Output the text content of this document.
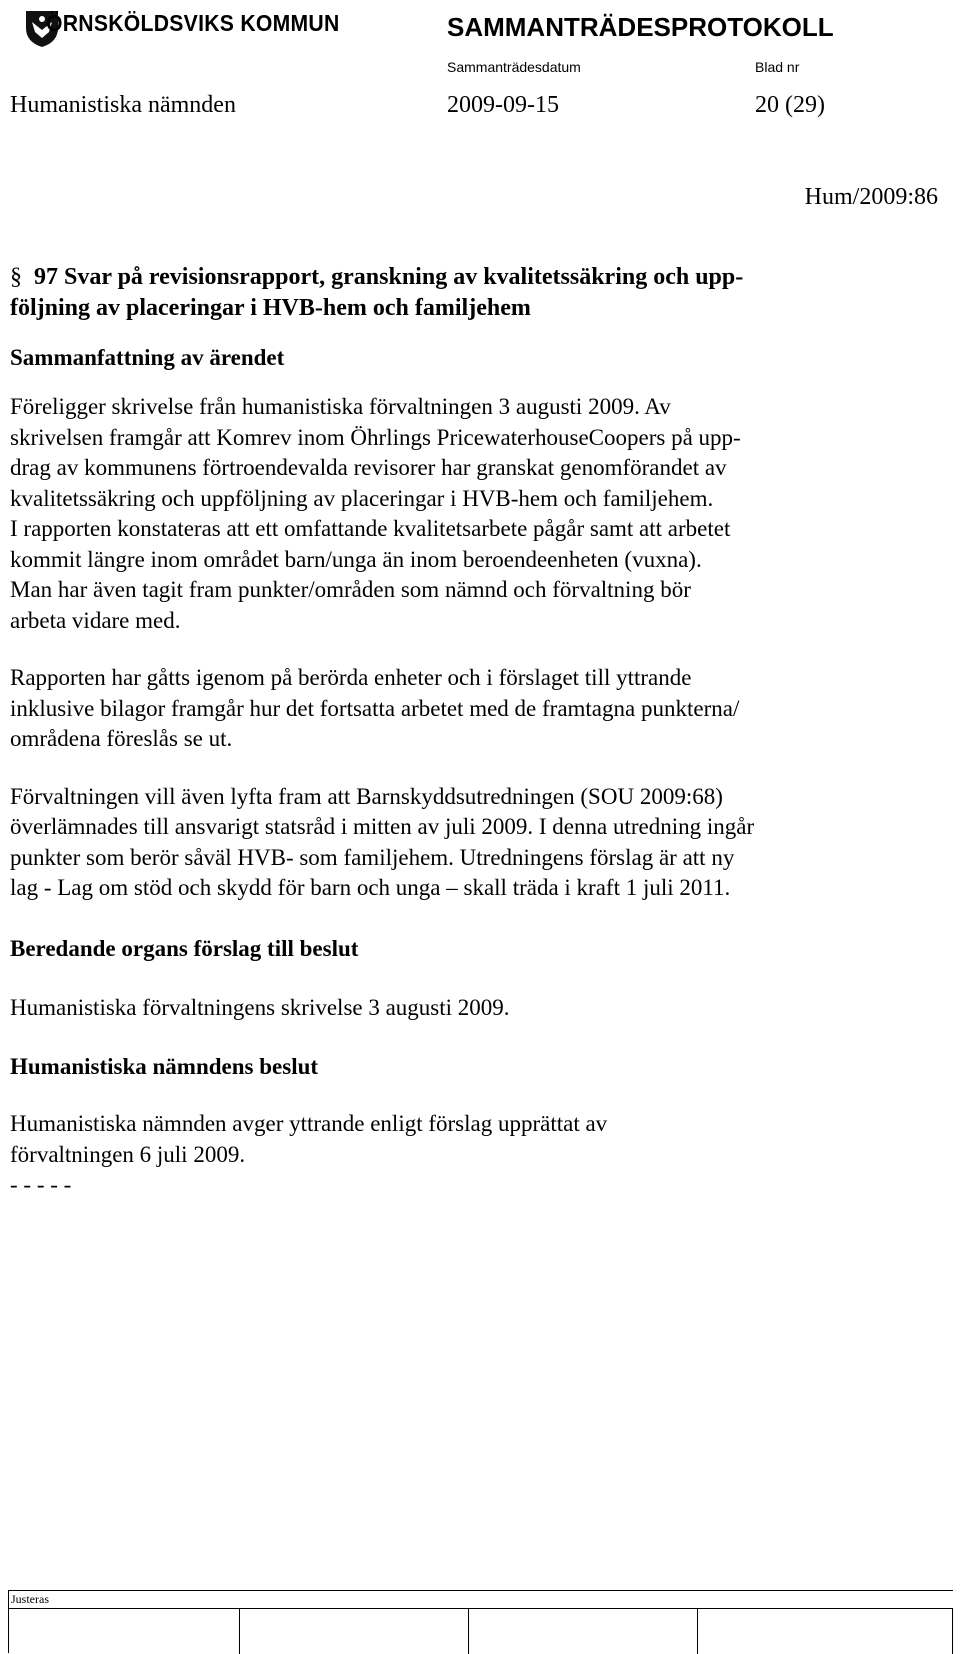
ÖRNSKÖLDSVIKS KOMMUN	SAMMANTRÄDESPROTOKOLL
Sammanträdesdatum	Blad nr
Humanistiska nämnden	2009-09-15	20 (29)
Hum/2009:86
§ 97 Svar på revisionsrapport, granskning av kvalitetssäkring och upp-
följning av placeringar i HVB-hem och familjehem
Sammanfattning av ärendet

Föreligger skrivelse från humanistiska förvaltningen 3 augusti 2009. Av

skrivelsen framgår att Komrev inom Öhrlings PricewaterhouseCoopers på upp-

drag av kommunens förtroendevalda revisorer har granskat genomförandet av

kvalitetssäkring och uppföljning av placeringar i HVB-hem och familjehem.

I rapporten konstateras att ett omfattande kvalitetsarbete pågår samt att arbetet

kommit längre inom området barn/unga än inom beroendeenheten (vuxna).

Man har även tagit fram punkter/områden som nämnd och förvaltning bör

arbeta vidare med.

Rapporten har gåtts igenom på berörda enheter och i förslaget till yttrande

inklusive bilagor framgår hur det fortsatta arbetet med de framtagna punkterna/

områdena föreslås se ut.

Förvaltningen vill även lyfta fram att Barnskyddsutredningen (SOU 2009:68)

överlämnades till ansvarigt statsråd i mitten av juli 2009. I denna utredning ingår

punkter som berör såväl HVB- som familjehem. Utredningens förslag är att ny

lag - Lag om stöd och skydd för barn och unga – skall träda i kraft 1 juli 2011.

Beredande organs förslag till beslut

Humanistiska förvaltningens skrivelse 3 augusti 2009.

Humanistiska nämndens beslut

Humanistiska nämnden avger yttrande enligt förslag upprättat av

förvaltningen 6 juli 2009.

- - - - -

Justeras
